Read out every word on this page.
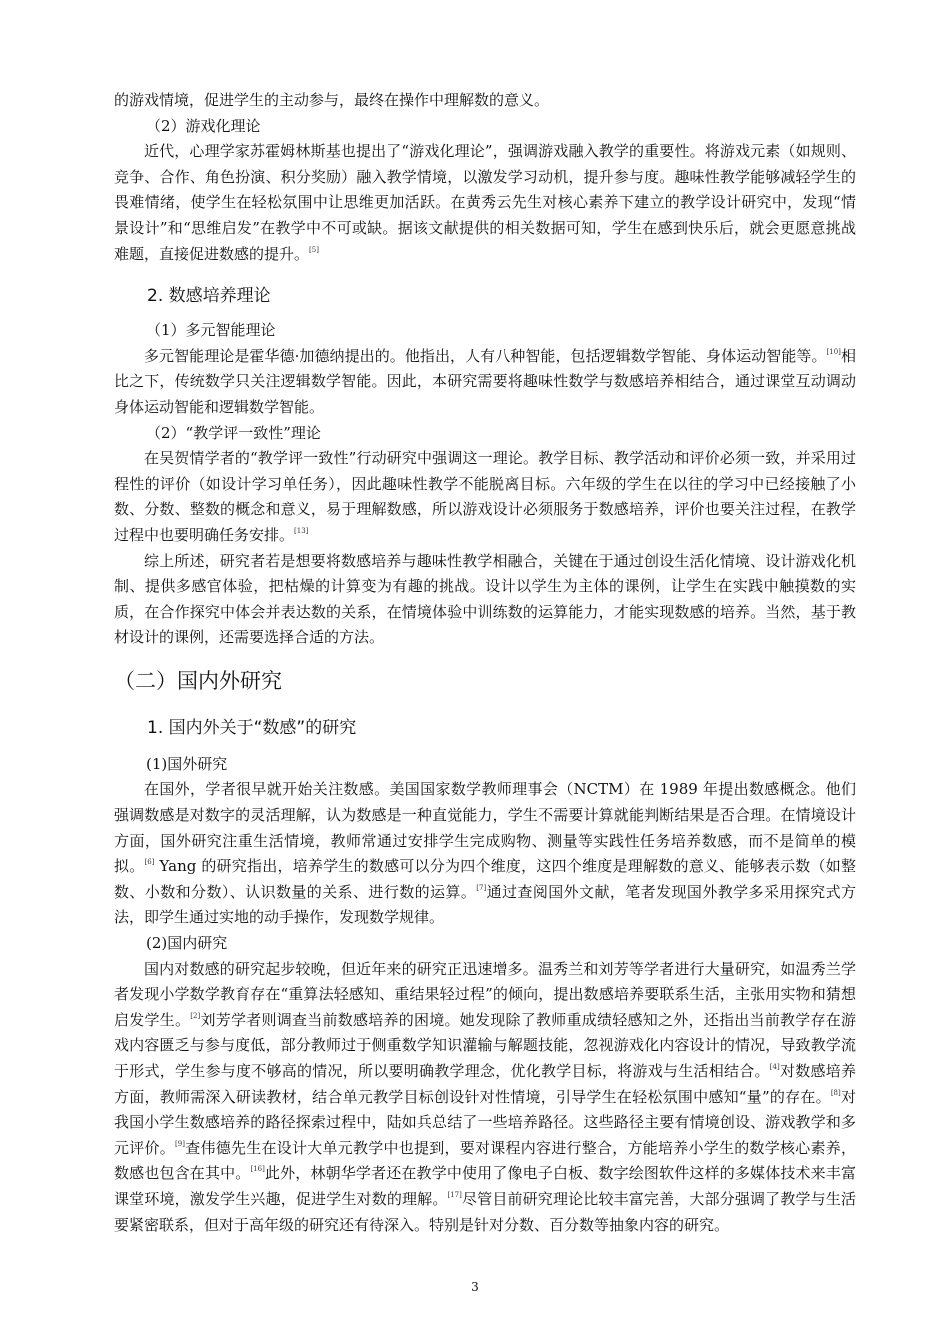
的游戏情境，促进学生的主动参与，最终在操作中理解数的意义。

（2）游戏化理论

近代，心理学家苏霍姆林斯基也提出了“游戏化理论”，强调游戏融入教学的重要性。将游戏元素（如规则、竞争、合作、角色扮演、积分奖励）融入教学情境，以激发学习动机，提升参与度。趣味性教学能够减轻学生的畏难情绪，使学生在轻松氛围中让思维更加活跃。在黄秀云先生对核心素养下建立的教学设计研究中，发现“情景设计”和“思维启发”在教学中不可或缺。据该文献提供的相关数据可知，学生在感到快乐后，就会更愿意挑战难题，直接促进数感的提升。[5]

2. 数感培养理论

（1）多元智能理论

多元智能理论是霍华德·加德纳提出的。他指出，人有八种智能，包括逻辑数学智能、身体运动智能等。[10]相比之下，传统数学只关注逻辑数学智能。因此，本研究需要将趣味性数学与数感培养相结合，通过课堂互动调动身体运动智能和逻辑数学智能。

（2）“教学评一致性”理论

在吴贺情学者的“教学评一致性”行动研究中强调这一理论。教学目标、教学活动和评价必须一致，并采用过程性的评价（如设计学习单任务），因此趣味性教学不能脱离目标。六年级的学生在以往的学习中已经接触了小数、分数、整数的概念和意义，易于理解数感，所以游戏设计必须服务于数感培养，评价也要关注过程，在教学过程中也要明确任务安排。[13]

综上所述，研究者若是想要将数感培养与趣味性教学相融合，关键在于通过创设生活化情境、设计游戏化机制、提供多感官体验，把枯燥的计算变为有趣的挑战。设计以学生为主体的课例，让学生在实践中触摸数的实质，在合作探究中体会并表达数的关系，在情境体验中训练数的运算能力，才能实现数感的培养。当然，基于教材设计的课例，还需要选择合适的方法。

（二）国内外研究
1. 国内外关于“数感”的研究

(1)国外研究

在国外，学者很早就开始关注数感。美国国家数学教师理事会（NCTM）在 1989 年提出数感概念。他们强调数感是对数字的灵活理解，认为数感是一种直觉能力，学生不需要计算就能判断结果是否合理。在情境设计方面，国外研究注重生活情境，教师常通过安排学生完成购物、测量等实践性任务培养数感，而不是简单的模拟。[6] Yang 的研究指出，培养学生的数感可以分为四个维度，这四个维度是理解数的意义、能够表示数（如整数、小数和分数）、认识数量的关系、进行数的运算。[7]通过查阅国外文献，笔者发现国外教学多采用探究式方法，即学生通过实地的动手操作，发现数学规律。

(2)国内研究

国内对数感的研究起步较晚，但近年来的研究正迅速增多。温秀兰和刘芳等学者进行大量研究，如温秀兰学者发现小学数学教育存在“重算法轻感知、重结果轻过程”的倾向，提出数感培养要联系生活，主张用实物和猜想启发学生。[2]刘芳学者则调查当前数感培养的困境。她发现除了教师重成绩轻感知之外，还指出当前教学存在游戏内容匮乏与参与度低，部分教师过于侧重数学知识灌输与解题技能，忽视游戏化内容设计的情况，导致教学流于形式，学生参与度不够高的情况，所以要明确教学理念，优化教学目标，将游戏与生活相结合。[4]对数感培养方面，教师需深入研读教材，结合单元教学目标创设针对性情境，引导学生在轻松氛围中感知“量”的存在。[8]对我国小学生数感培养的路径探索过程中，陆如兵总结了一些培养路径。这些路径主要有情境创设、游戏教学和多元评价。[9]查伟德先生在设计大单元教学中也提到，要对课程内容进行整合，方能培养小学生的数学核心素养，数感也包含在其中。[16]此外，林朝华学者还在教学中使用了像电子白板、数字绘图软件这样的多媒体技术来丰富课堂环境，激发学生兴趣，促进学生对数的理解。[17]尽管目前研究理论比较丰富完善，大部分强调了教学与生活要紧密联系，但对于高年级的研究还有待深入。特别是针对分数、百分数等抽象内容的研究。

3
